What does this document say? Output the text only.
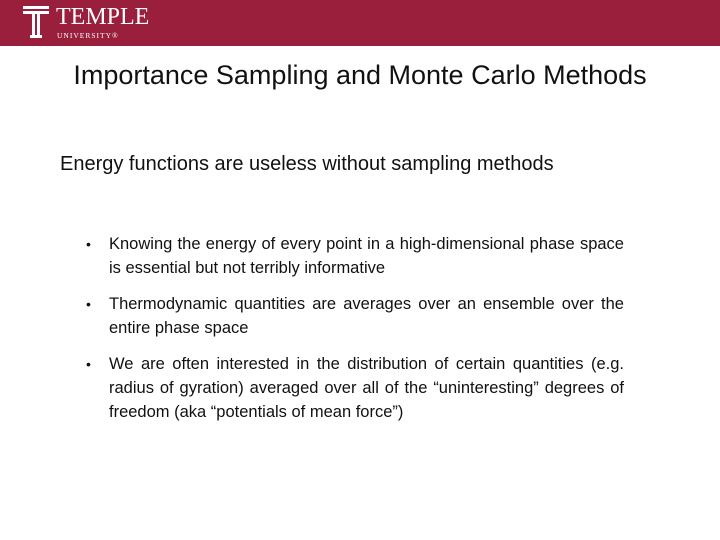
TEMPLE
UNIVERSITY®
Importance Sampling and Monte Carlo Methods
Energy functions are useless without sampling methods
• Knowing the energy of every point in a high-dimensional phase space is essential but not terribly informative
• Thermodynamic quantities are averages over an ensemble over the entire phase space
• We are often interested in the distribution of certain quantities (e.g. radius of gyration) averaged over all of the “uninteresting” degrees of freedom (aka “potentials of mean force”)
